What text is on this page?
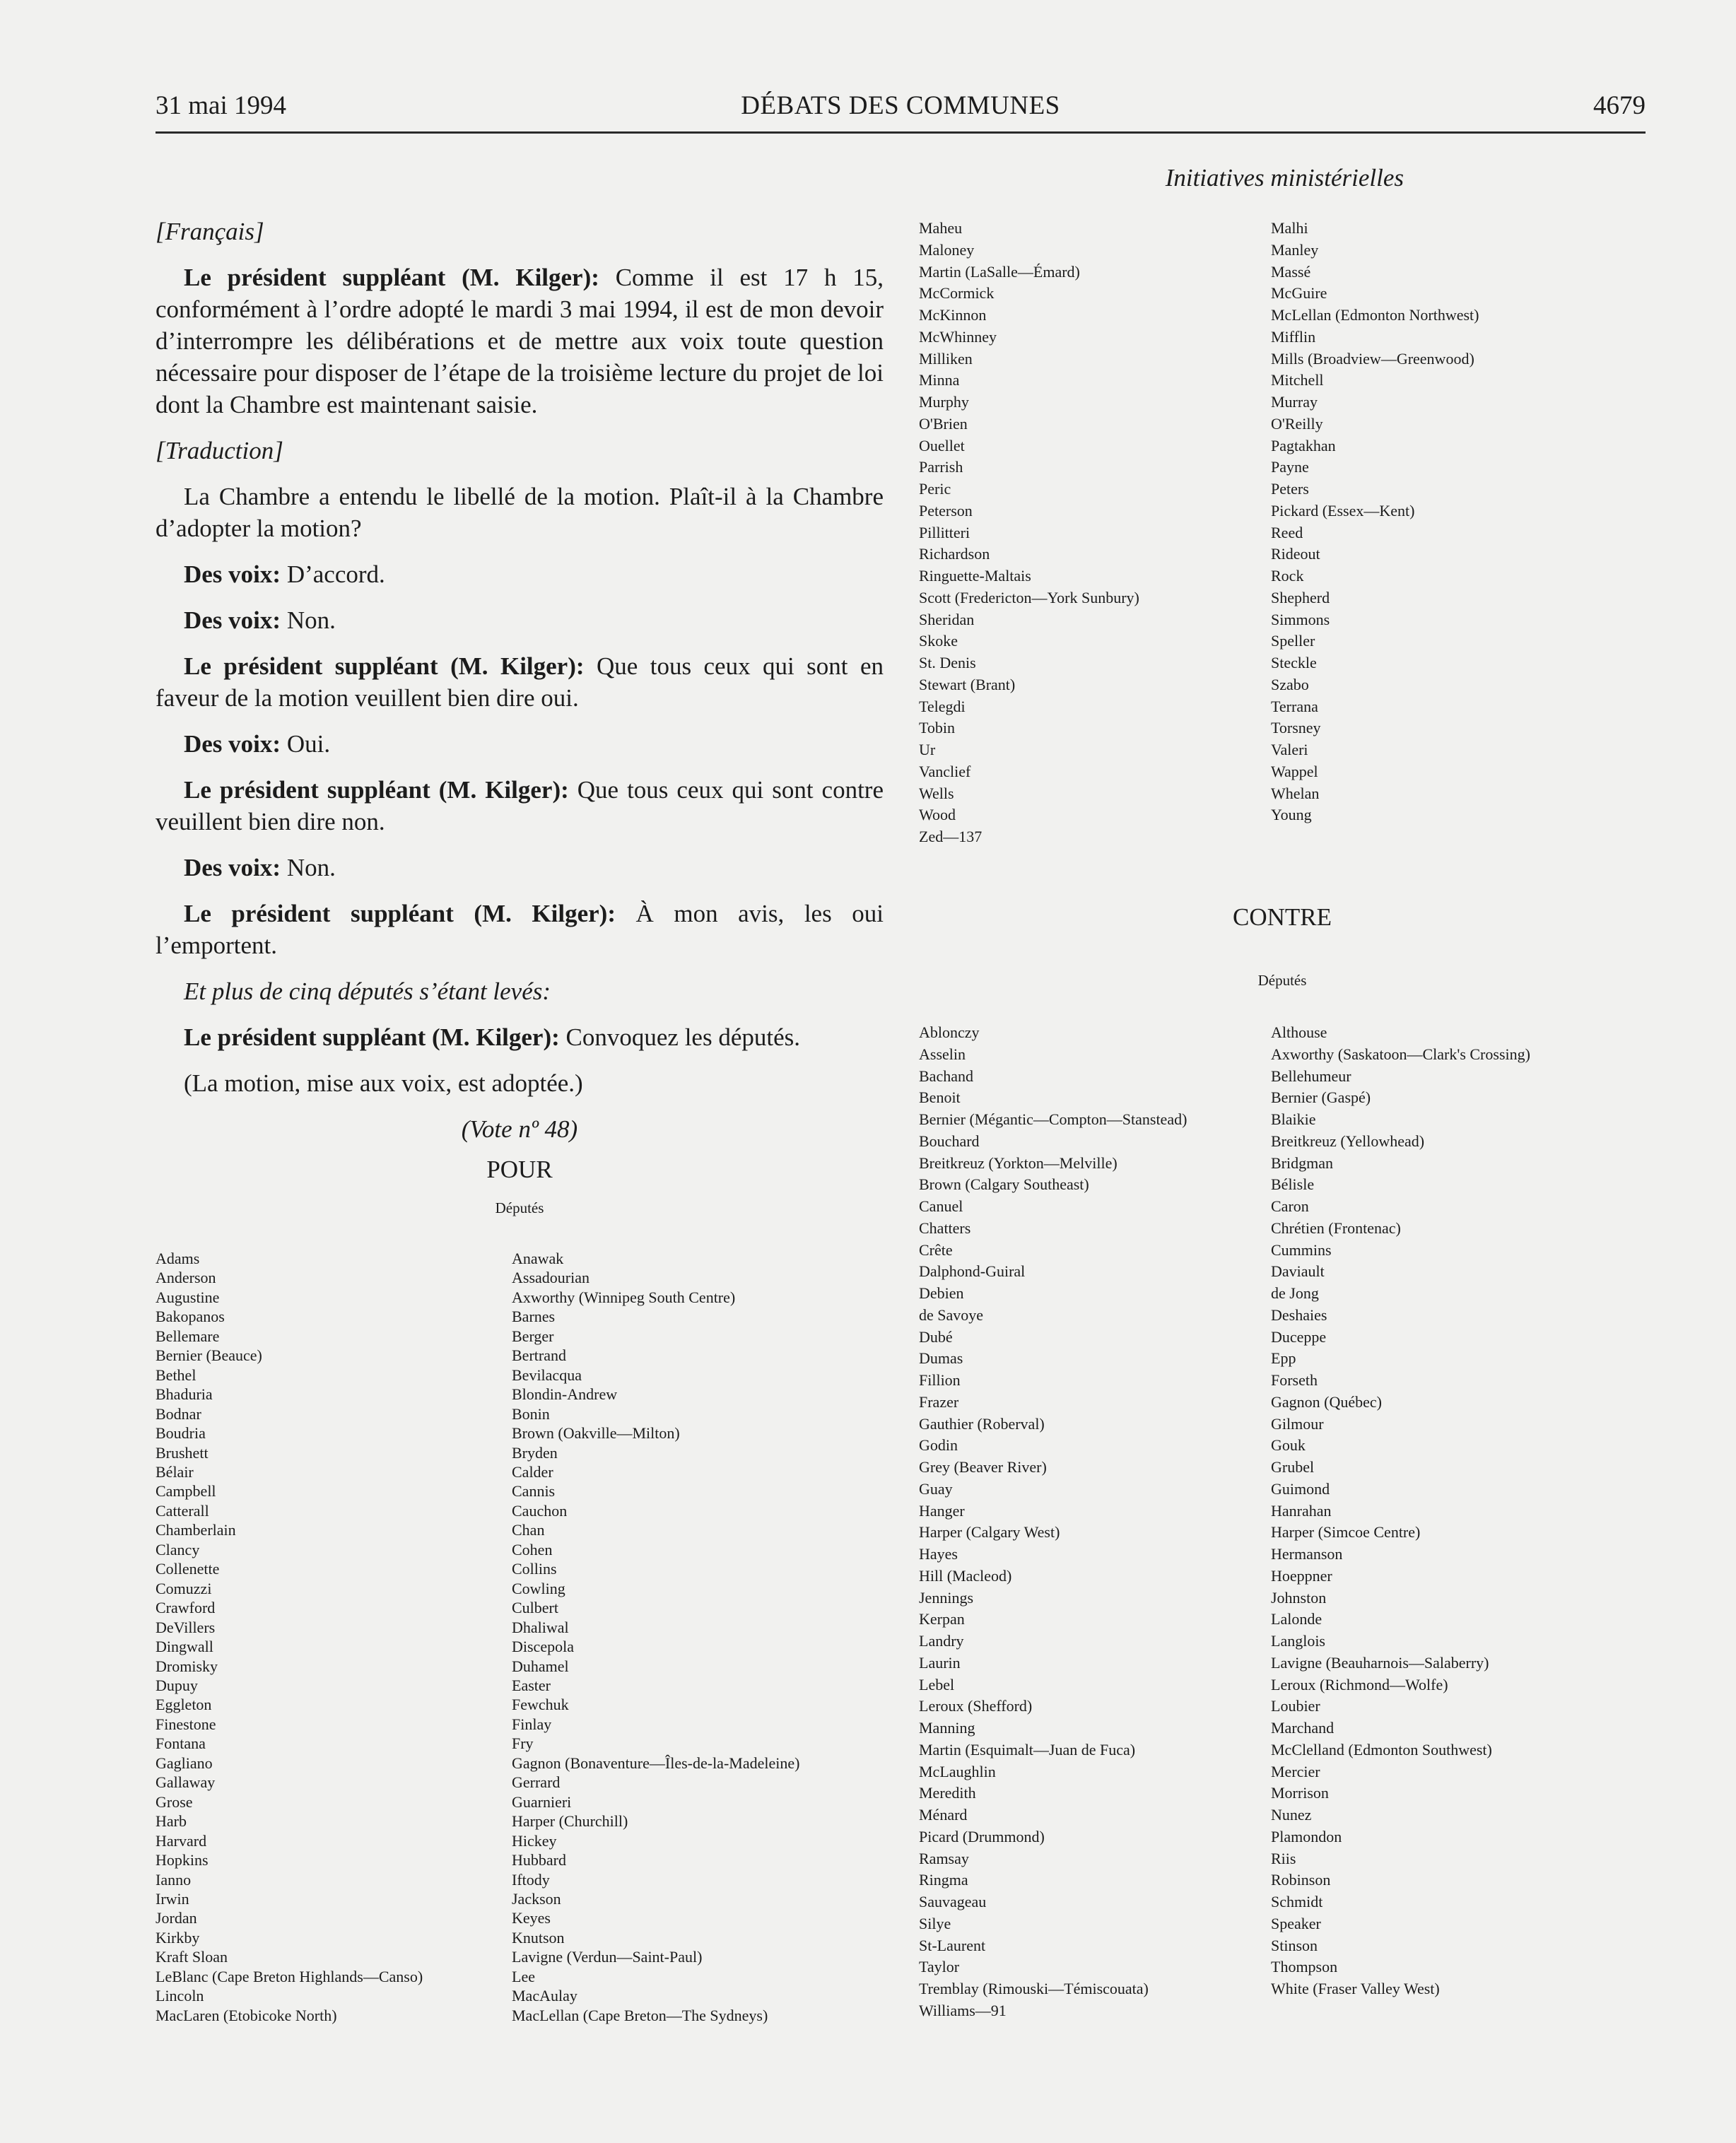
31 mai 1994	DÉBATS DES COMMUNES	4679
Initiatives ministérielles

[Français]

Le président suppléant (M. Kilger): Comme il est 17 h 15, conformément à l’ordre adopté le mardi 3 mai 1994, il est de mon devoir d’interrompre les délibérations et de mettre aux voix toute question nécessaire pour disposer de l’étape de la troisième lecture du projet de loi dont la Chambre est maintenant saisie.

[Traduction]

La Chambre a entendu le libellé de la motion. Plaît-il à la Chambre d’adopter la motion?

Des voix: D’accord.

Des voix: Non.

Le président suppléant (M. Kilger): Que tous ceux qui sont en faveur de la motion veuillent bien dire oui.

Des voix: Oui.

Le président suppléant (M. Kilger): Que tous ceux qui sont contre veuillent bien dire non.

Des voix: Non.

Le président suppléant (M. Kilger): À mon avis, les oui l’emportent.

Et plus de cinq députés s’étant levés:

Le président suppléant (M. Kilger): Convoquez les députés.

(La motion, mise aux voix, est adoptée.)

(Vote nº 48)

POUR

Députés

Adams
Anderson
Augustine
Bakopanos
Bellemare
Bernier (Beauce)
Bethel
Bhaduria
Bodnar
Boudria
Brushett
Bélair
Campbell
Catterall
Chamberlain
Clancy
Collenette
Comuzzi
Crawford
DeVillers
Dingwall
Dromisky
Dupuy
Eggleton
Finestone
Fontana
Gagliano
Gallaway
Grose
Harb
Harvard
Hopkins
Ianno
Irwin
Jordan
Kirkby
Kraft Sloan
LeBlanc (Cape Breton Highlands—Canso)
Lincoln
MacLaren (Etobicoke North)
Anawak
Assadourian
Axworthy (Winnipeg South Centre)
Barnes
Berger
Bertrand
Bevilacqua
Blondin-Andrew
Bonin
Brown (Oakville—Milton)
Bryden
Calder
Cannis
Cauchon
Chan
Cohen
Collins
Cowling
Culbert
Dhaliwal
Discepola
Duhamel
Easter
Fewchuk
Finlay
Fry
Gagnon (Bonaventure—Îles-de-la-Madeleine)
Gerrard
Guarnieri
Harper (Churchill)
Hickey
Hubbard
Iftody
Jackson
Keyes
Knutson
Lavigne (Verdun—Saint-Paul)
Lee
MacAulay
MacLellan (Cape Breton—The Sydneys)
Maheu
Maloney
Martin (LaSalle—Émard)
McCormick
McKinnon
McWhinney
Milliken
Minna
Murphy
O'Brien
Ouellet
Parrish
Peric
Peterson
Pillitteri
Richardson
Ringuette-Maltais
Scott (Fredericton—York Sunbury)
Sheridan
Skoke
St. Denis
Stewart (Brant)
Telegdi
Tobin
Ur
Vanclief
Wells
Wood
Zed—137
Malhi
Manley
Massé
McGuire
McLellan (Edmonton Northwest)
Mifflin
Mills (Broadview—Greenwood)
Mitchell
Murray
O'Reilly
Pagtakhan
Payne
Peters
Pickard (Essex—Kent)
Reed
Rideout
Rock
Shepherd
Simmons
Speller
Steckle
Szabo
Terrana
Torsney
Valeri
Wappel
Whelan
Young
CONTRE
Députés
Ablonczy
Asselin
Bachand
Benoit
Bernier (Mégantic—Compton—Stanstead)
Bouchard
Breitkreuz (Yorkton—Melville)
Brown (Calgary Southeast)
Canuel
Chatters
Crête
Dalphond-Guiral
Debien
de Savoye
Dubé
Dumas
Fillion
Frazer
Gauthier (Roberval)
Godin
Grey (Beaver River)
Guay
Hanger
Harper (Calgary West)
Hayes
Hill (Macleod)
Jennings
Kerpan
Landry
Laurin
Lebel
Leroux (Shefford)
Manning
Martin (Esquimalt—Juan de Fuca)
McLaughlin
Meredith
Ménard
Picard (Drummond)
Ramsay
Ringma
Sauvageau
Silye
St-Laurent
Taylor
Tremblay (Rimouski—Témiscouata)
Williams—91
Althouse
Axworthy (Saskatoon—Clark's Crossing)
Bellehumeur
Bernier (Gaspé)
Blaikie
Breitkreuz (Yellowhead)
Bridgman
Bélisle
Caron
Chrétien (Frontenac)
Cummins
Daviault
de Jong
Deshaies
Duceppe
Epp
Forseth
Gagnon (Québec)
Gilmour
Gouk
Grubel
Guimond
Hanrahan
Harper (Simcoe Centre)
Hermanson
Hoeppner
Johnston
Lalonde
Langlois
Lavigne (Beauharnois—Salaberry)
Leroux (Richmond—Wolfe)
Loubier
Marchand
McClelland (Edmonton Southwest)
Mercier
Morrison
Nunez
Plamondon
Riis
Robinson
Schmidt
Speaker
Stinson
Thompson
White (Fraser Valley West)
